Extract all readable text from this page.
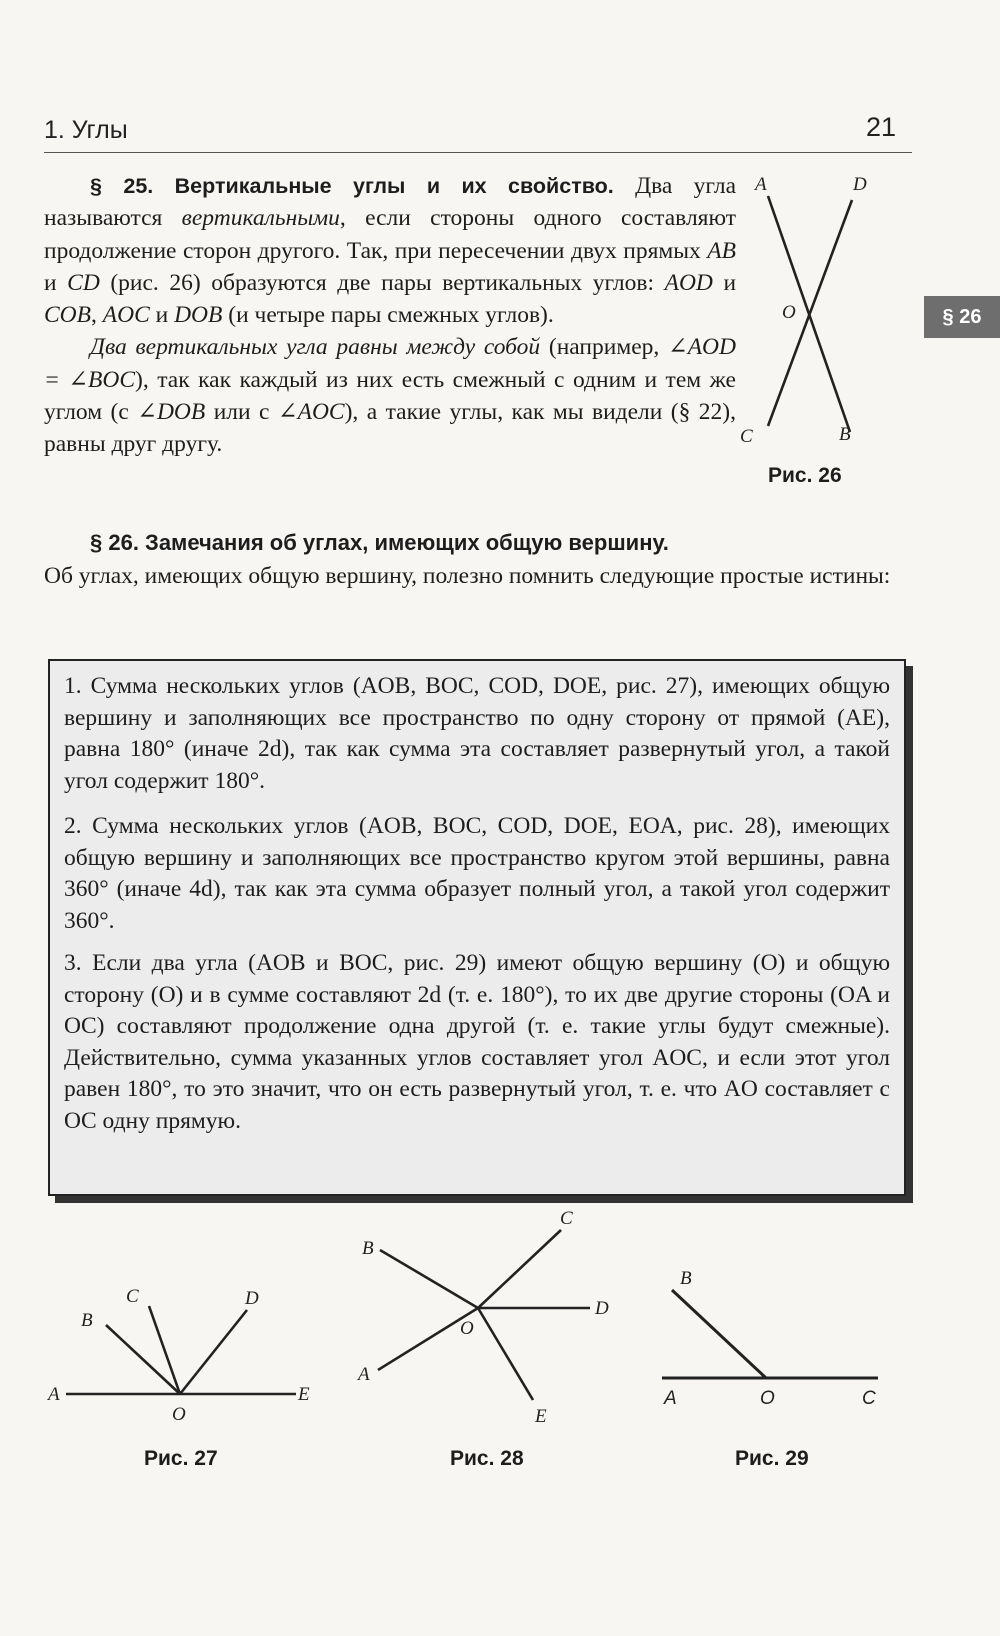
1. Углы	21
§ 26

§ 25. Вертикальные углы и их свойство. Два угла называются вертикальными, если стороны одного составляют продолжение сторон другого. Так, при пересечении двух прямых AB и CD (рис. 26) образуются две пары вертикальных углов: AOD и COB, AOC и DOB (и четыре пары смежных углов).

Два вертикальных угла равны между собой (например, ∠AOD = ∠BOC), так как каждый из них есть смежный с одним и тем же углом (с ∠DOB или с ∠AOC), а такие углы, как мы видели (§ 22), равны друг другу.

A	D
O
C	B
Рис. 26
§ 26. Замечания об углах, имеющих общую вершину.
Об углах, имеющих общую вершину, полезно помнить следующие простые истины:
1. Сумма нескольких углов (AOB, BOC, COD, DOE, рис. 27), имеющих общую вершину и заполняющих все пространство по одну сторону от прямой (AE), равна 180° (иначе 2d), так как сумма эта составляет развернутый угол, а такой угол содержит 180°.
2. Сумма нескольких углов (AOB, BOC, COD, DOE, EOA, рис. 28), имеющих общую вершину и заполняющих все пространство кругом этой вершины, равна 360° (иначе 4d), так как эта сумма образует полный угол, а такой угол содержит 360°.
3. Если два угла (AOB и BOC, рис. 29) имеют общую вершину (O) и общую сторону (O) и в сумме составляют 2d (т. е. 180°), то их две другие стороны (OA и OC) составляют продолжение одна другой (т. е. такие углы будут смежные). Действительно, сумма указанных углов составляет угол AOC, и если этот угол равен 180°, то это значит, что он есть развернутый угол, т. е. что AO составляет с OC одну прямую.
A
B
C	D
O
E
Рис. 27
B
C
D
A
O
E
Рис. 28
B
A	O	C
Рис. 29
